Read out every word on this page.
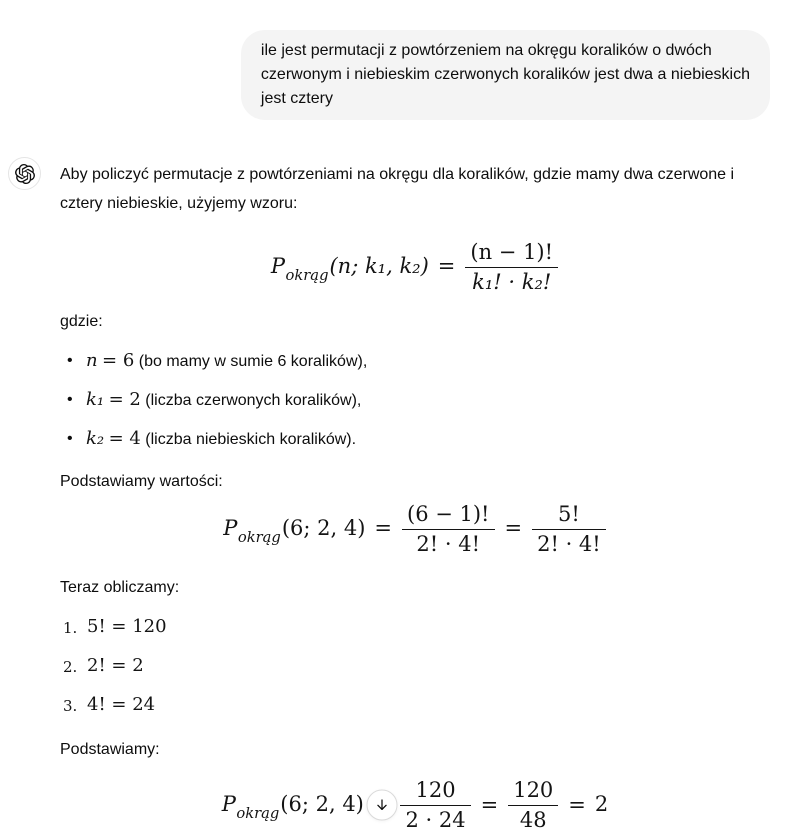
ile jest permutacji z powtórzeniem na okręgu koralików o dwóch
czerwonym i niebieskim czerwonych koralików jest dwa a niebieskich
jest cztery

Aby policzyć permutacje z powtórzeniami na okręgu dla koralików, gdzie mamy dwa czerwone i cztery niebieskie, użyjemy wzoru:

$P_{okrąg}(n$; k₁, $k_2) = \frac{(n - 1)!}{\text{k₁! · k₂!}}$

gdzie:

• n = 6 (bo mamy w sumie 6 koralików),
• k₁ = 2 (liczba czerwonych koralików),
• k₂ = 4 (liczba niebieskich koralików).

Podstawiamy wartości:

$P_{okrąg}(6$; 2, $4) = \frac{(6 - 1)!}{2! \cdot 4!} = \frac{5!}{2! \cdot 4!}$

Teraz obliczamy:

5! = 120
2! = 2
4! = 24

Podstawiamy:

$P_{okrąg}(6$; 2, $4) \frac{120}{2 \cdot 24} = \frac{120}{48} = 2$
